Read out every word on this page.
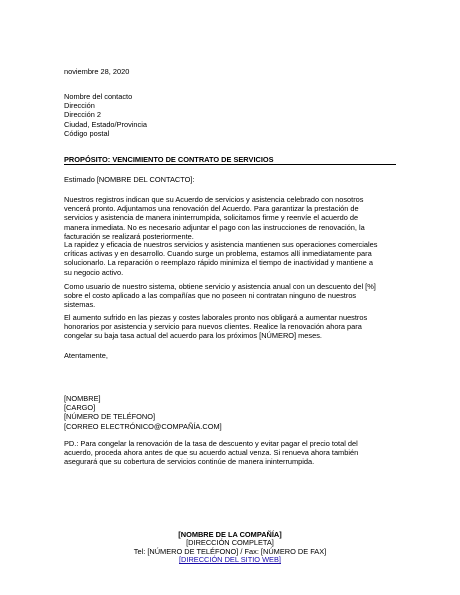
noviembre 28, 2020
Nombre del contacto
Dirección
Dirección 2
Ciudad, Estado/Provincia
Código postal
PROPÓSITO: VENCIMIENTO DE CONTRATO DE SERVICIOS
Estimado [NOMBRE DEL CONTACTO]:
Nuestros registros indican que su Acuerdo de servicios y asistencia celebrado con nosotros
vencerá pronto. Adjuntamos una renovación del Acuerdo. Para garantizar la prestación de
servicios y asistencia de manera ininterrumpida, solicitamos firme y reenvíe el acuerdo de
manera inmediata. No es necesario adjuntar el pago con las instrucciones de renovación, la
facturación se realizará posteriormente.
La rapidez y eficacia de nuestros servicios y asistencia mantienen sus operaciones comerciales
críticas activas y en desarrollo. Cuando surge un problema, estamos allí inmediatamente para
solucionarlo. La reparación o reemplazo rápido minimiza el tiempo de inactividad y mantiene a
su negocio activo.
Como usuario de nuestro sistema, obtiene servicio y asistencia anual con un descuento del [%]
sobre el costo aplicado a las compañías que no poseen ni contratan ninguno de nuestros
sistemas.
El aumento sufrido en las piezas y costes laborales pronto nos obligará a aumentar nuestros
honorarios por asistencia y servicio para nuevos clientes. Realice la renovación ahora para
congelar su baja tasa actual del acuerdo para los próximos [NÚMERO] meses.
Atentamente,
[NOMBRE]
[CARGO]
[NÚMERO DE TELÉFONO]
[CORREO ELECTRÓNICO@COMPAÑÍA.COM]
PD.: Para congelar la renovación de la tasa de descuento y evitar pagar el precio total del
acuerdo, proceda ahora antes de que su acuerdo actual venza. Si renueva ahora también
asegurará que su cobertura de servicios continúe de manera ininterrumpida.
[NOMBRE DE LA COMPAÑÍA]
[DIRECCIÓN COMPLETA]
Tel: [NÚMERO DE TELÉFONO] / Fax: [NÚMERO DE FAX]
[DIRECCIÓN DEL SITIO WEB]
